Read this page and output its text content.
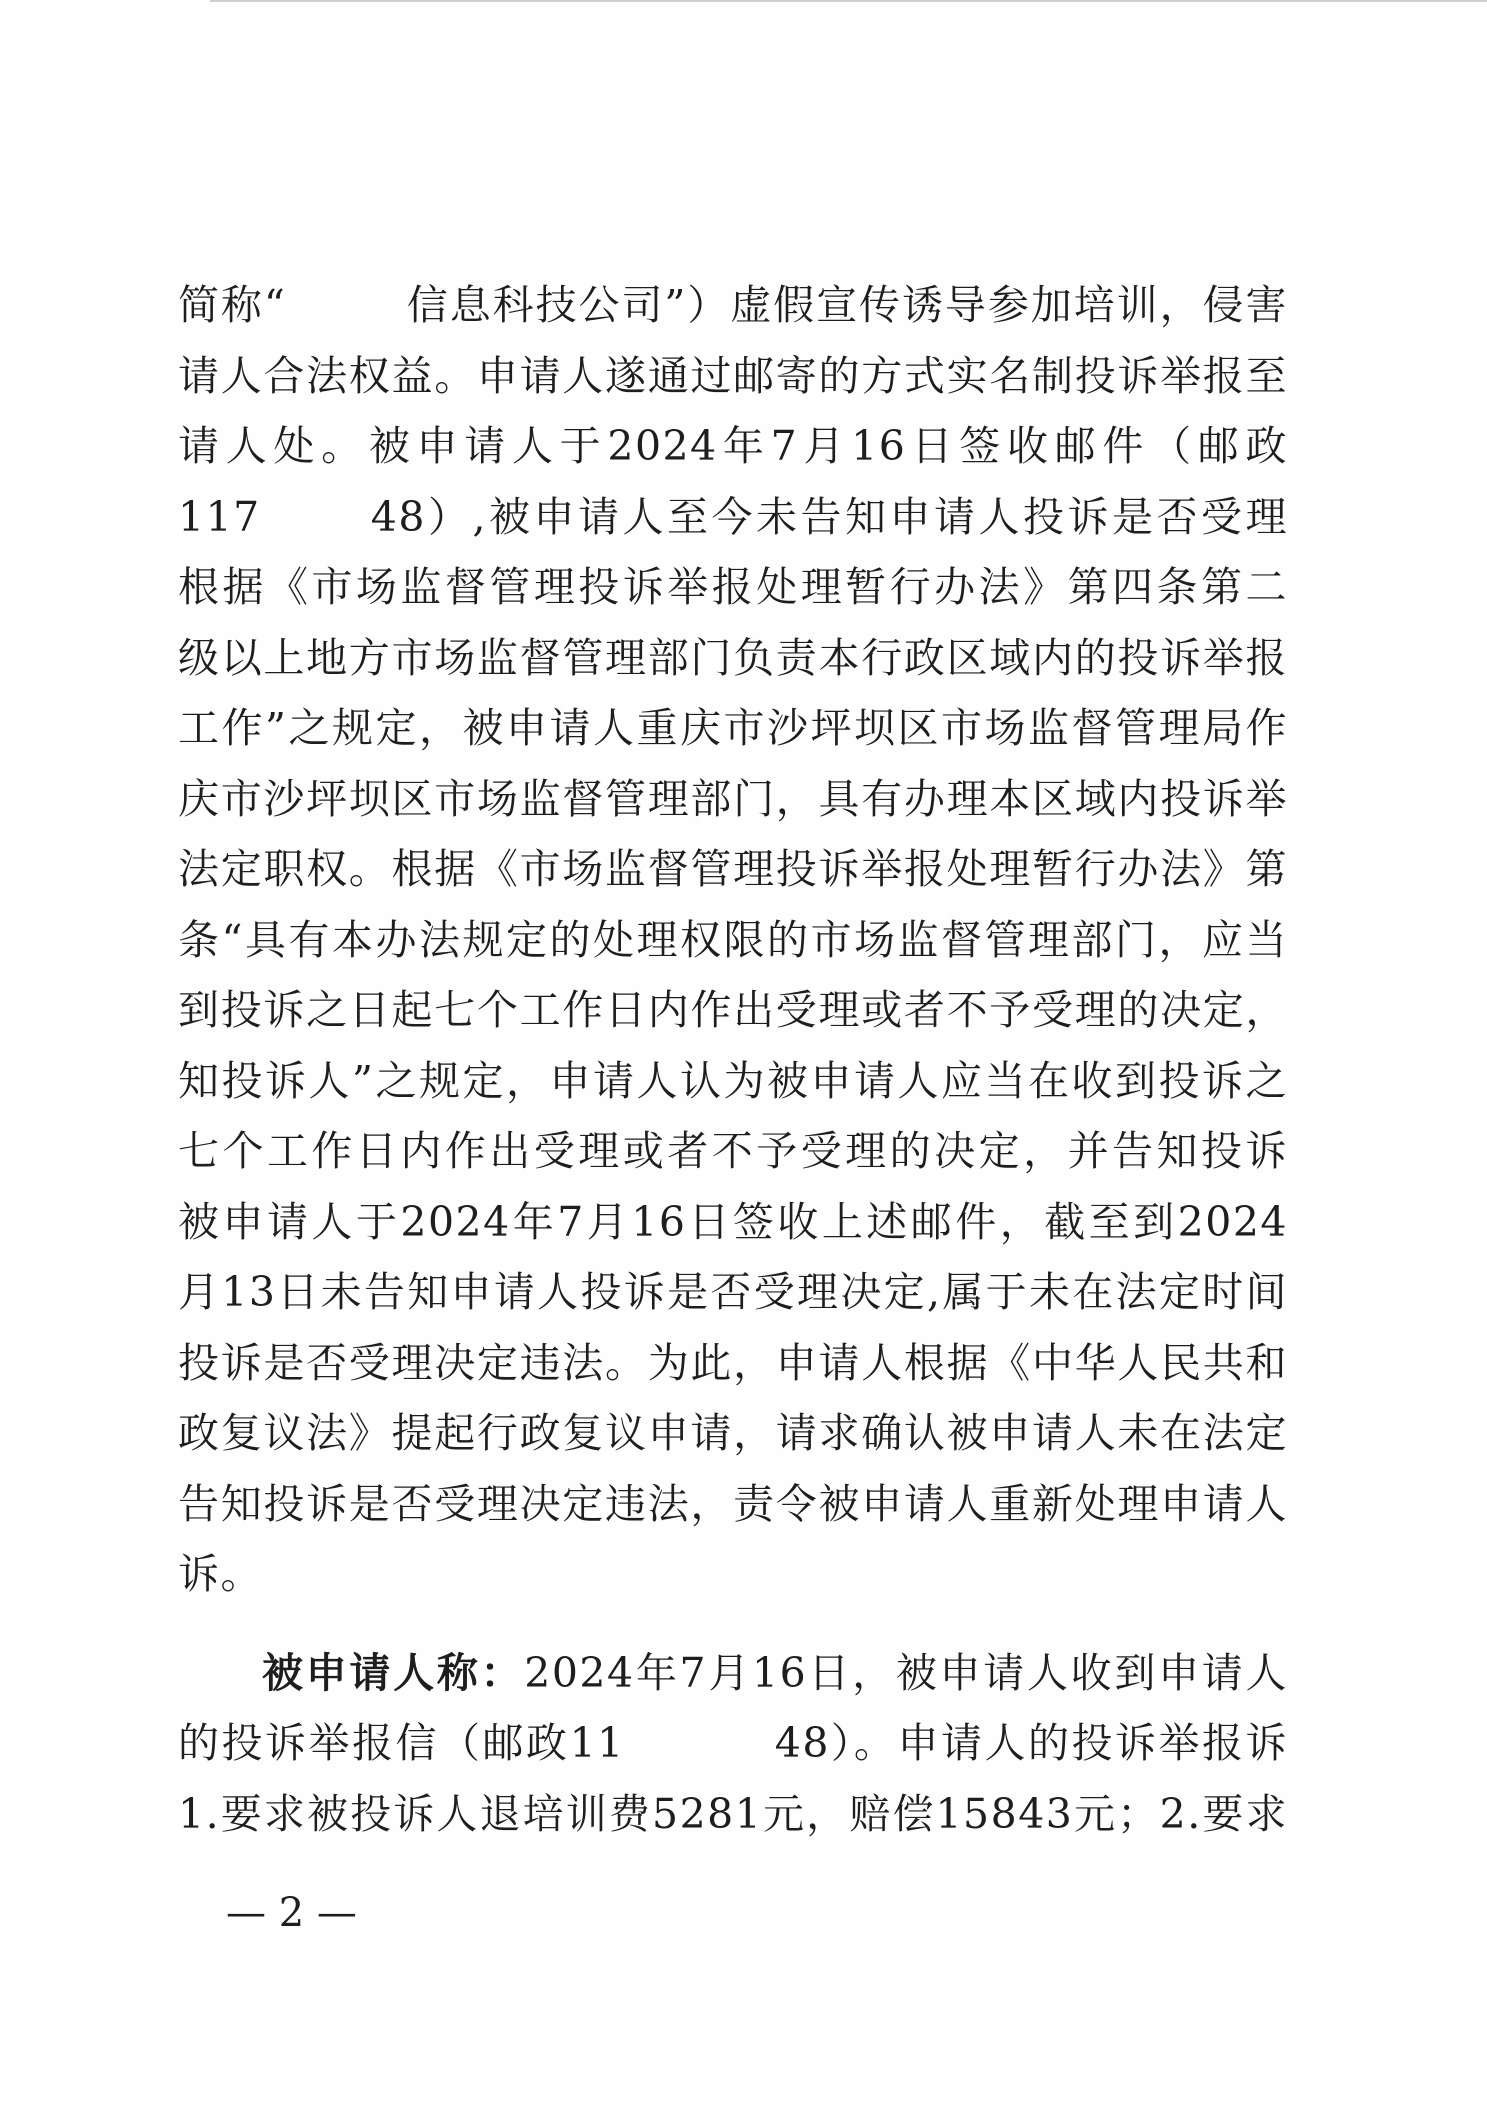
简称“	信息科技公司”）虚假宣传诱导参加培训，侵害
请人合法权益。申请人遂通过邮寄的方式实名制投诉举报至
请人处。被申请人于2024年7月16日签收邮件（邮政
117	48）,被申请人至今未告知申请人投诉是否受理
根据《市场监督管理投诉举报处理暂行办法》第四条第二
级以上地方市场监督管理部门负责本行政区域内的投诉举报
工作”之规定，被申请人重庆市沙坪坝区市场监督管理局作
庆市沙坪坝区市场监督管理部门，具有办理本区域内投诉举
法定职权。根据《市场监督管理投诉举报处理暂行办法》第
条“具有本办法规定的处理权限的市场监督管理部门，应当
到投诉之日起七个工作日内作出受理或者不予受理的决定，
知投诉人”之规定，申请人认为被申请人应当在收到投诉之
七个工作日内作出受理或者不予受理的决定，并告知投诉
被申请人于2024年7月16日签收上述邮件，截至到2024
月13日未告知申请人投诉是否受理决定,属于未在法定时间
投诉是否受理决定违法。为此，申请人根据《中华人民共和
政复议法》提起行政复议申请，请求确认被申请人未在法定
告知投诉是否受理决定违法，责令被申请人重新处理申请人
诉。
被申请人称：2024年7月16日，被申请人收到申请人
的投诉举报信（邮政11	48）。申请人的投诉举报诉
1.要求被投诉人退培训费5281元，赔偿15843元；2.要求
— 2 —
